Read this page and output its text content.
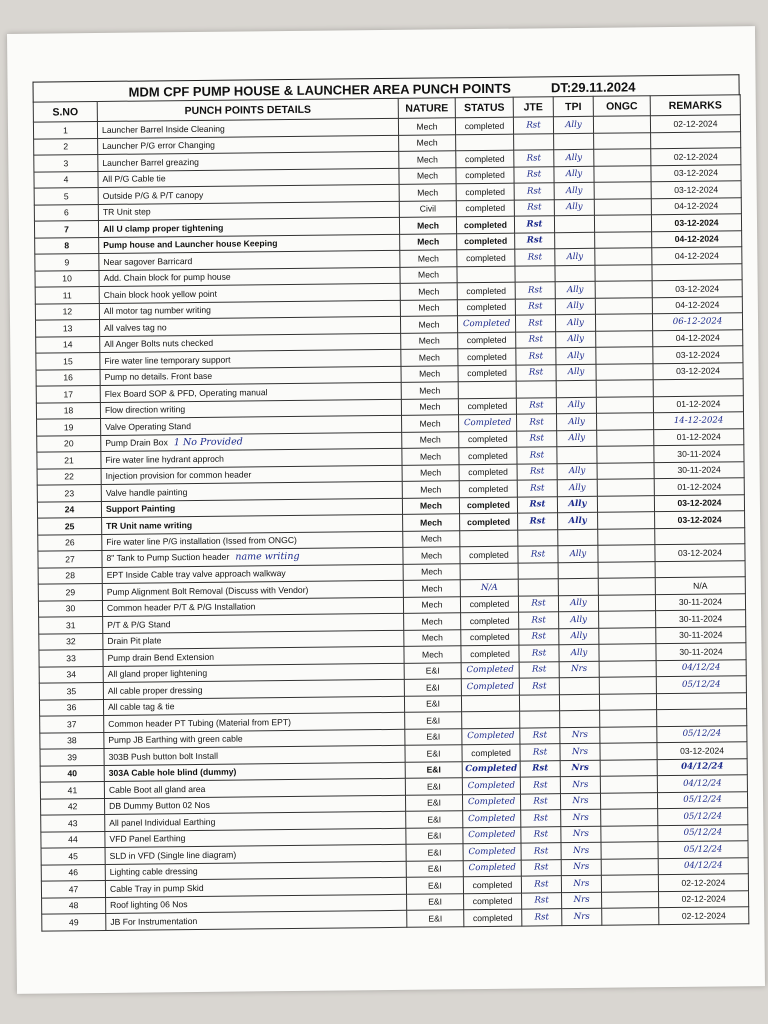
MDM CPF PUMP HOUSE & LAUNCHER AREA PUNCH POINTS	DT:29.11.2024
S.NO	PUNCH POINTS DETAILS	NATURE	STATUS	JTE	TPI	ONGC	REMARKS
1	Launcher Barrel Inside Cleaning	Mech	completed	Rst	Ally		02-12-2024
2	Launcher P/G error Changing	Mech					
3	Launcher Barrel greazing	Mech	completed	Rst	Ally		02-12-2024
4	All P/G Cable tie	Mech	completed	Rst	Ally		03-12-2024
5	Outside P/G & P/T canopy	Mech	completed	Rst	Ally		03-12-2024
6	TR Unit step	Civil	completed	Rst	Ally		04-12-2024
7	All U clamp proper tightening	Mech	completed	Rst			03-12-2024
8	Pump house and Launcher house Keeping	Mech	completed	Rst			04-12-2024
9	Near sagover Barricard	Mech	completed	Rst	Ally		04-12-2024
10	Add. Chain block for pump house	Mech					
11	Chain block hook yellow point	Mech	completed	Rst	Ally		03-12-2024
12	All motor tag number writing	Mech	completed	Rst	Ally		04-12-2024
13	All valves tag no	Mech	Completed	Rst	Ally		06-12-2024
14	All Anger Bolts nuts checked	Mech	completed	Rst	Ally		04-12-2024
15	Fire water line temporary support	Mech	completed	Rst	Ally		03-12-2024
16	Pump no details. Front base	Mech	completed	Rst	Ally		03-12-2024
17	Flex Board SOP & PFD, Operating manual	Mech					
18	Flow direction writing	Mech	completed	Rst	Ally		01-12-2024
19	Valve Operating Stand	Mech	Completed	Rst	Ally		14-12-2024
20	Pump Drain Box 1 No Provided	Mech	completed	Rst	Ally		01-12-2024
21	Fire water line hydrant approch	Mech	completed	Rst			30-11-2024
22	Injection provision for common header	Mech	completed	Rst	Ally		30-11-2024
23	Valve handle painting	Mech	completed	Rst	Ally		01-12-2024
24	Support Painting	Mech	completed	Rst	Ally		03-12-2024
25	TR Unit name writing	Mech	completed	Rst	Ally		03-12-2024
26	Fire water line P/G installation (Issed from ONGC)	Mech					
27	8" Tank to Pump Suction header name writing	Mech	completed	Rst	Ally		03-12-2024
28	EPT Inside Cable tray valve approach walkway	Mech					
29	Pump Alignment Bolt Removal (Discuss with Vendor)	Mech	N/A				N/A
30	Common header P/T & P/G Installation	Mech	completed	Rst	Ally		30-11-2024
31	P/T & P/G Stand	Mech	completed	Rst	Ally		30-11-2024
32	Drain Pit plate	Mech	completed	Rst	Ally		30-11-2024
33	Pump drain Bend Extension	Mech	completed	Rst	Ally		30-11-2024
34	All gland proper lightening	E&I	Completed	Rst	Nrs		04/12/24
35	All cable proper dressing	E&I	Completed	Rst			05/12/24
36	All cable tag & tie	E&I					
37	Common header PT Tubing (Material from EPT)	E&I					
38	Pump JB Earthing with green cable	E&I	Completed	Rst	Nrs		05/12/24
39	303B Push button bolt Install	E&I	completed	Rst	Nrs		03-12-2024
40	303A Cable hole blind (dummy)	E&I	Completed	Rst	Nrs		04/12/24
41	Cable Boot all gland area	E&I	Completed	Rst	Nrs		04/12/24
42	DB Dummy Button 02 Nos	E&I	Completed	Rst	Nrs		05/12/24
43	All panel Individual Earthing	E&I	Completed	Rst	Nrs		05/12/24
44	VFD Panel Earthing	E&I	Completed	Rst	Nrs		05/12/24
45	SLD in VFD (Single line diagram)	E&I	Completed	Rst	Nrs		05/12/24
46	Lighting cable dressing	E&I	Completed	Rst	Nrs		04/12/24
47	Cable Tray in pump Skid	E&I	completed	Rst	Nrs		02-12-2024
48	Roof lighting 06 Nos	E&I	completed	Rst	Nrs		02-12-2024
49	JB For Instrumentation	E&I	completed	Rst	Nrs		02-12-2024
